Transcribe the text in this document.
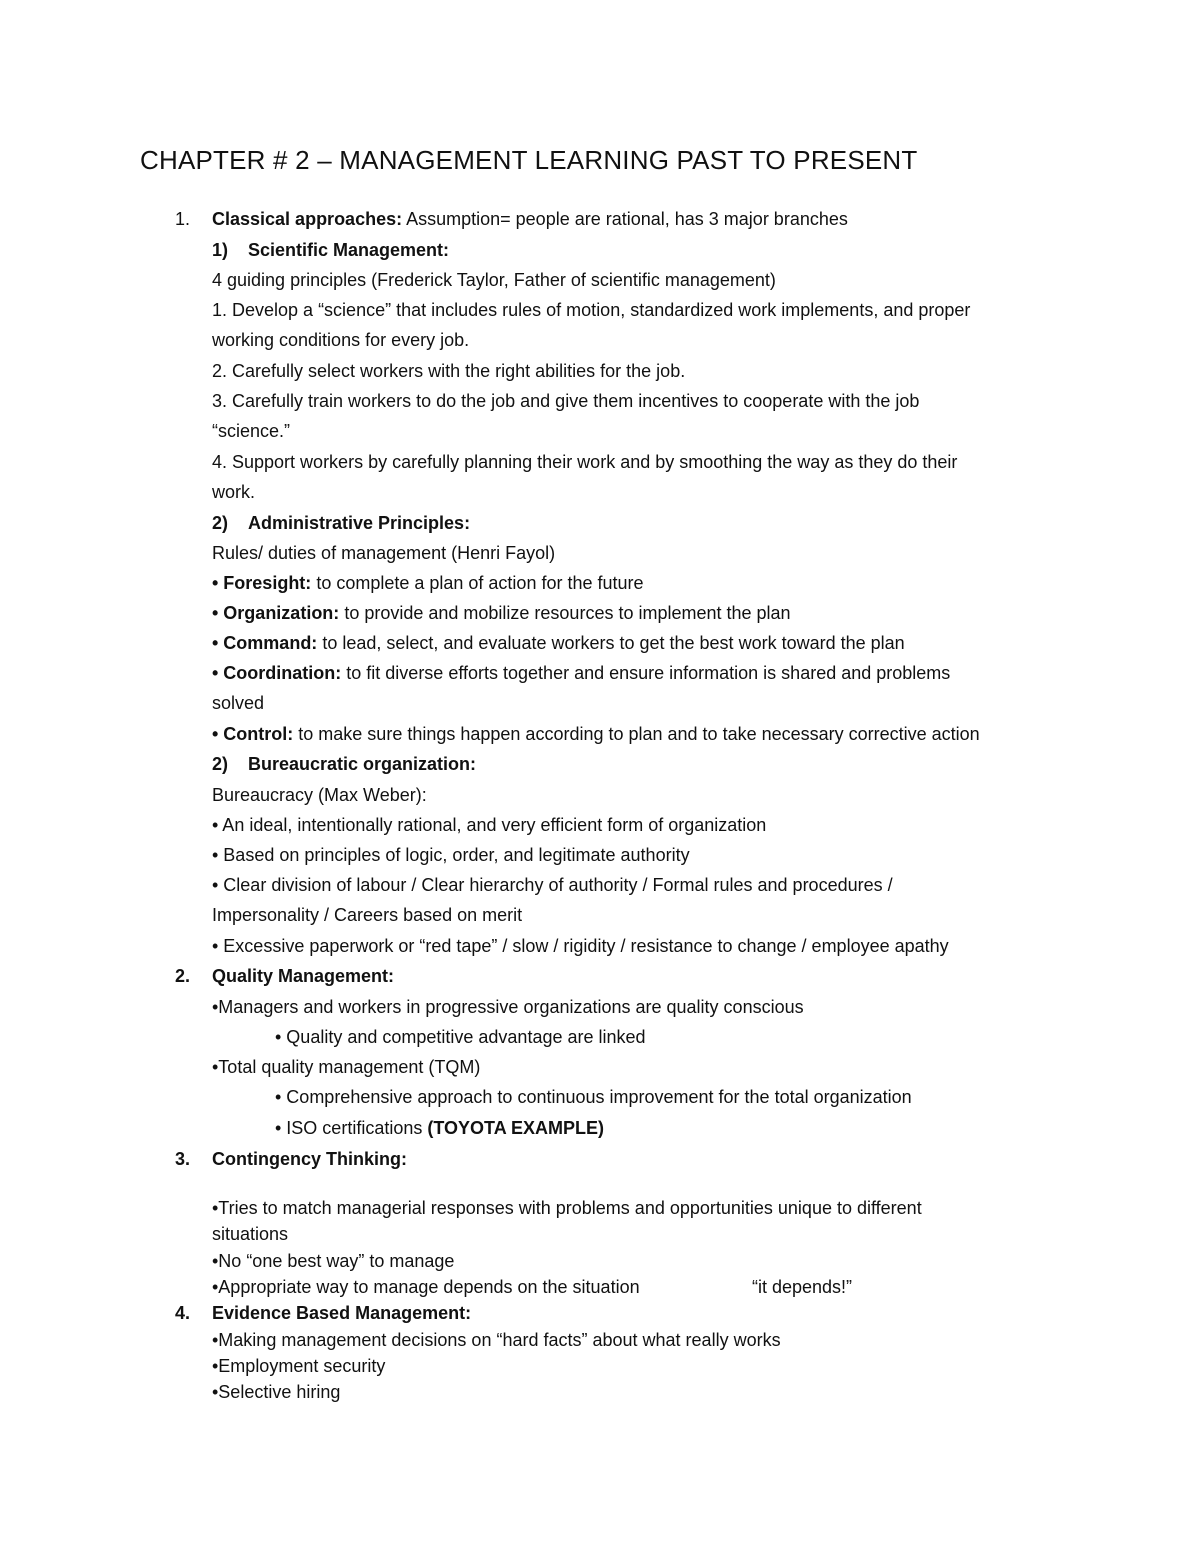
CHAPTER # 2 – MANAGEMENT LEARNING PAST TO PRESENT
1. Classical approaches: Assumption= people are rational, has 3 major branches
1) Scientific Management:
4 guiding principles (Frederick Taylor, Father of scientific management)
1. Develop a “science” that includes rules of motion, standardized work implements, and proper
working conditions for every job.
2. Carefully select workers with the right abilities for the job.
3. Carefully train workers to do the job and give them incentives to cooperate with the job
“science.”
4. Support workers by carefully planning their work and by smoothing the way as they do their
work.
2) Administrative Principles:
Rules/ duties of management (Henri Fayol)
• Foresight: to complete a plan of action for the future
• Organization: to provide and mobilize resources to implement the plan
• Command: to lead, select, and evaluate workers to get the best work toward the plan
• Coordination: to fit diverse efforts together and ensure information is shared and problems
solved
• Control: to make sure things happen according to plan and to take necessary corrective action
2) Bureaucratic organization:
Bureaucracy (Max Weber):
• An ideal, intentionally rational, and very efficient form of organization
• Based on principles of logic, order, and legitimate authority
• Clear division of labour / Clear hierarchy of authority / Formal rules and procedures /
Impersonality / Careers based on merit
• Excessive paperwork or “red tape” / slow / rigidity / resistance to change / employee apathy
2. Quality Management:
•Managers and workers in progressive organizations are quality conscious
• Quality and competitive advantage are linked
•Total quality management (TQM)
• Comprehensive approach to continuous improvement for the total organization
• ISO certifications (TOYOTA EXAMPLE)
3. Contingency Thinking:
•Tries to match managerial responses with problems and opportunities unique to different
situations
•No “one best way” to manage
•Appropriate way to manage depends on the situation	“it depends!”
4. Evidence Based Management:
•Making management decisions on “hard facts” about what really works
•Employment security
•Selective hiring
